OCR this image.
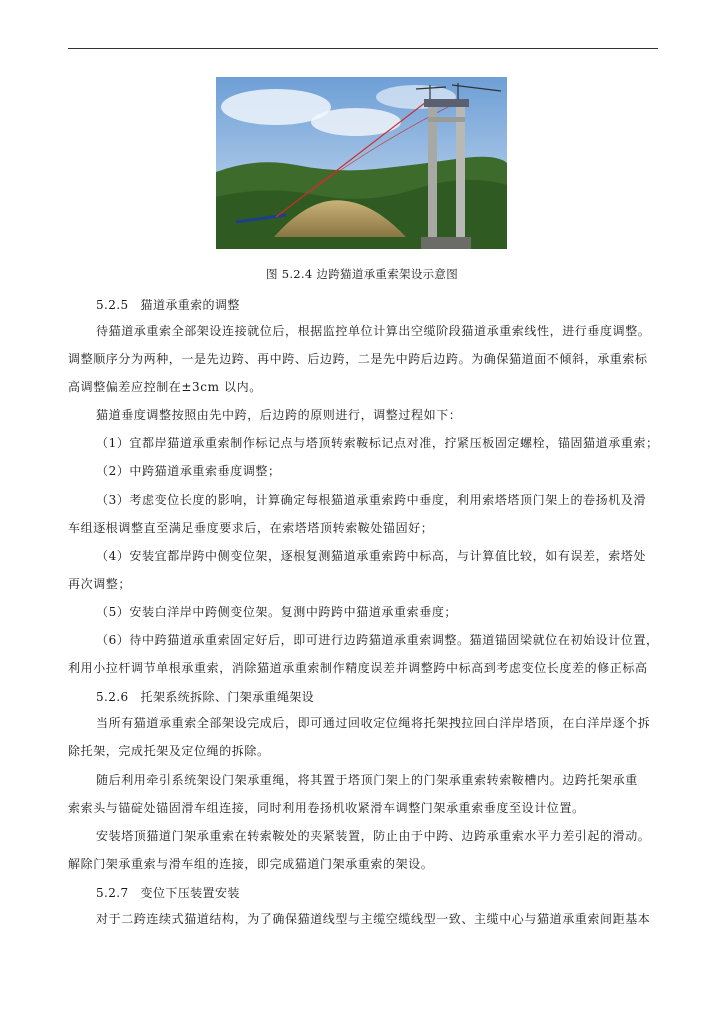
图 5.2.4 边跨猫道承重索架设示意图
5.2.5 猫道承重索的调整
待猫道承重索全部架设连接就位后，根据监控单位计算出空缆阶段猫道承重索线性，进行垂度调整。
调整顺序分为两种，一是先边跨、再中跨、后边跨，二是先中跨后边跨。为确保猫道面不倾斜，承重索标
高调整偏差应控制在±3cm 以内。
猫道垂度调整按照由先中跨，后边跨的原则进行，调整过程如下：
（1）宜都岸猫道承重索制作标记点与塔顶转索鞍标记点对准，拧紧压板固定螺栓，锚固猫道承重索；
（2）中跨猫道承重索垂度调整；
（3）考虑变位长度的影响，计算确定每根猫道承重索跨中垂度，利用索塔塔顶门架上的卷扬机及滑
车组逐根调整直至满足垂度要求后，在索塔塔顶转索鞍处锚固好；
（4）安装宜都岸跨中侧变位架，逐根复测猫道承重索跨中标高，与计算值比较，如有误差，索塔处
再次调整；
（5）安装白洋岸中跨侧变位架。复测中跨跨中猫道承重索垂度；
（6）待中跨猫道承重索固定好后，即可进行边跨猫道承重索调整。猫道锚固梁就位在初始设计位置，
利用小拉杆调节单根承重索，消除猫道承重索制作精度误差并调整跨中标高到考虑变位长度差的修正标高
5.2.6 托架系统拆除、门架承重绳架设
当所有猫道承重索全部架设完成后，即可通过回收定位绳将托架拽拉回白洋岸塔顶，在白洋岸逐个拆
除托架，完成托架及定位绳的拆除。
随后利用牵引系统架设门架承重绳，将其置于塔顶门架上的门架承重索转索鞍槽内。边跨托架承重
索索头与锚碇处锚固滑车组连接，同时利用卷扬机收紧滑车调整门架承重索垂度至设计位置。
安装塔顶猫道门架承重索在转索鞍处的夹紧装置，防止由于中跨、边跨承重索水平力差引起的滑动。
解除门架承重索与滑车组的连接，即完成猫道门架承重索的架设。
5.2.7 变位下压装置安装
对于二跨连续式猫道结构，为了确保猫道线型与主缆空缆线型一致、主缆中心与猫道承重索间距基本
